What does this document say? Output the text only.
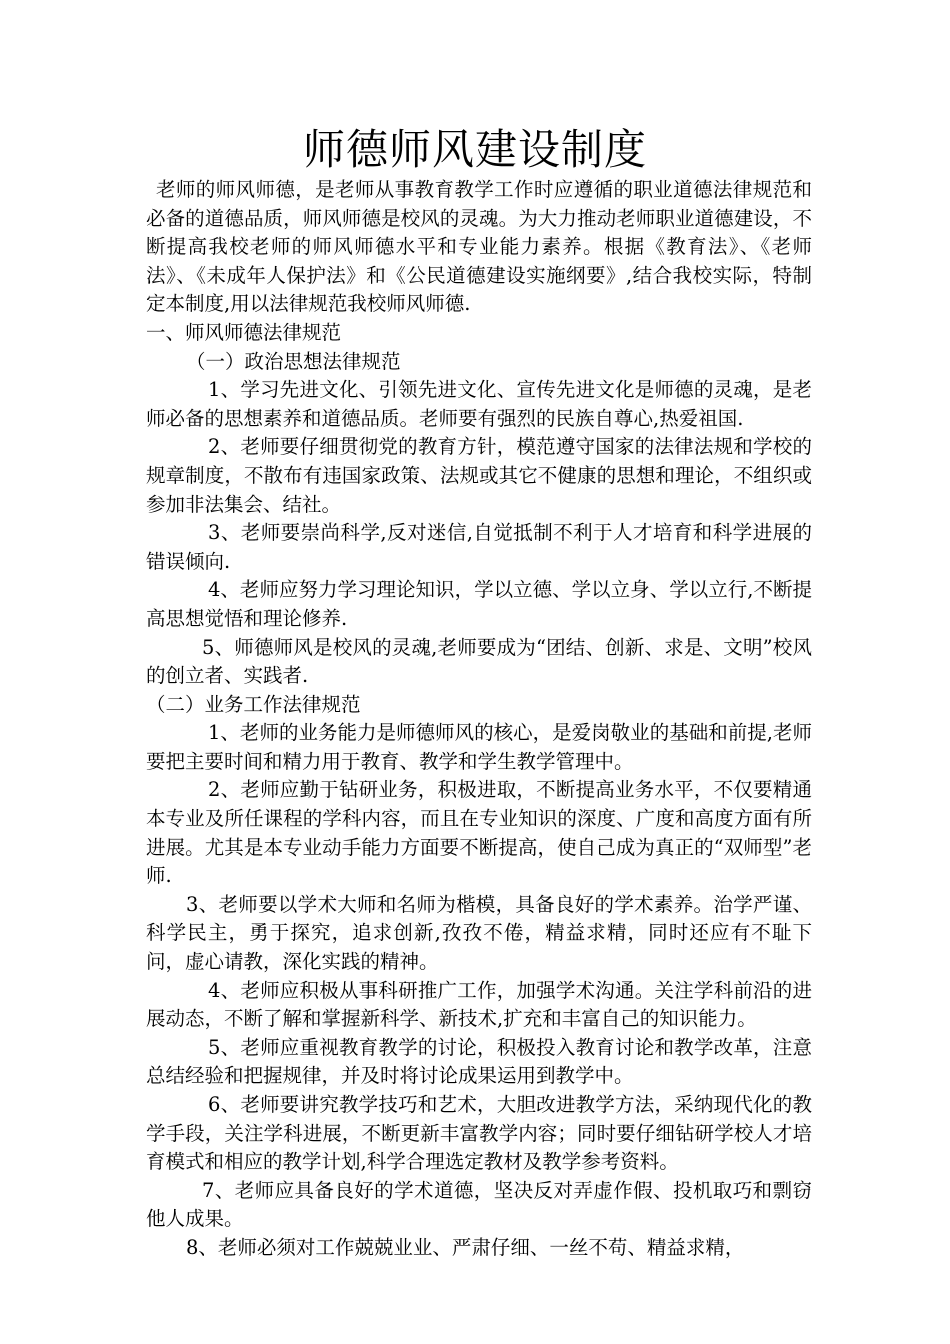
师德师风建设制度

老师的师风师德，是老师从事教育教学工作时应遵循的职业道德法律规范和必备的道德品质，师风师德是校风的灵魂。为大力推动老师职业道德建设，不断提高我校老师的师风师德水平和专业能力素养。根据《教育法》、《老师法》、《未成年人保护法》和《公民道德建设实施纲要》,结合我校实际，特制定本制度,用以法律规范我校师风师德.

一、师风师德法律规范

（一）政治思想法律规范

1、学习先进文化、引领先进文化、宣传先进文化是师德的灵魂，是老师必备的思想素养和道德品质。老师要有强烈的民族自尊心,热爱祖国.

2、老师要仔细贯彻党的教育方针，模范遵守国家的法律法规和学校的规章制度，不散布有违国家政策、法规或其它不健康的思想和理论，不组织或参加非法集会、结社。

3、老师要崇尚科学,反对迷信,自觉抵制不利于人才培育和科学进展的错误倾向.

4、老师应努力学习理论知识，学以立德、学以立身、学以立行,不断提高思想觉悟和理论修养.

5、师德师风是校风的灵魂,老师要成为“团结、创新、求是、文明”校风的创立者、实践者.

（二）业务工作法律规范

1、老师的业务能力是师德师风的核心，是爱岗敬业的基础和前提,老师要把主要时间和精力用于教育、教学和学生教学管理中。

2、老师应勤于钻研业务，积极进取，不断提高业务水平，不仅要精通本专业及所任课程的学科内容，而且在专业知识的深度、广度和高度方面有所进展。尤其是本专业动手能力方面要不断提高，使自己成为真正的“双师型”老师.

3、老师要以学术大师和名师为楷模，具备良好的学术素养。治学严谨、科学民主，勇于探究，追求创新,孜孜不倦，精益求精，同时还应有不耻下问，虚心请教，深化实践的精神。

4、老师应积极从事科研推广工作，加强学术沟通。关注学科前沿的进展动态，不断了解和掌握新科学、新技术,扩充和丰富自己的知识能力。

5、老师应重视教育教学的讨论，积极投入教育讨论和教学改革，注意总结经验和把握规律，并及时将讨论成果运用到教学中。

6、老师要讲究教学技巧和艺术，大胆改进教学方法，采纳现代化的教学手段，关注学科进展，不断更新丰富教学内容；同时要仔细钻研学校人才培育模式和相应的教学计划,科学合理选定教材及教学参考资料。

7、老师应具备良好的学术道德，坚决反对弄虚作假、投机取巧和剽窃他人成果。

8、老师必须对工作兢兢业业、严肃仔细、一丝不苟、精益求精，
